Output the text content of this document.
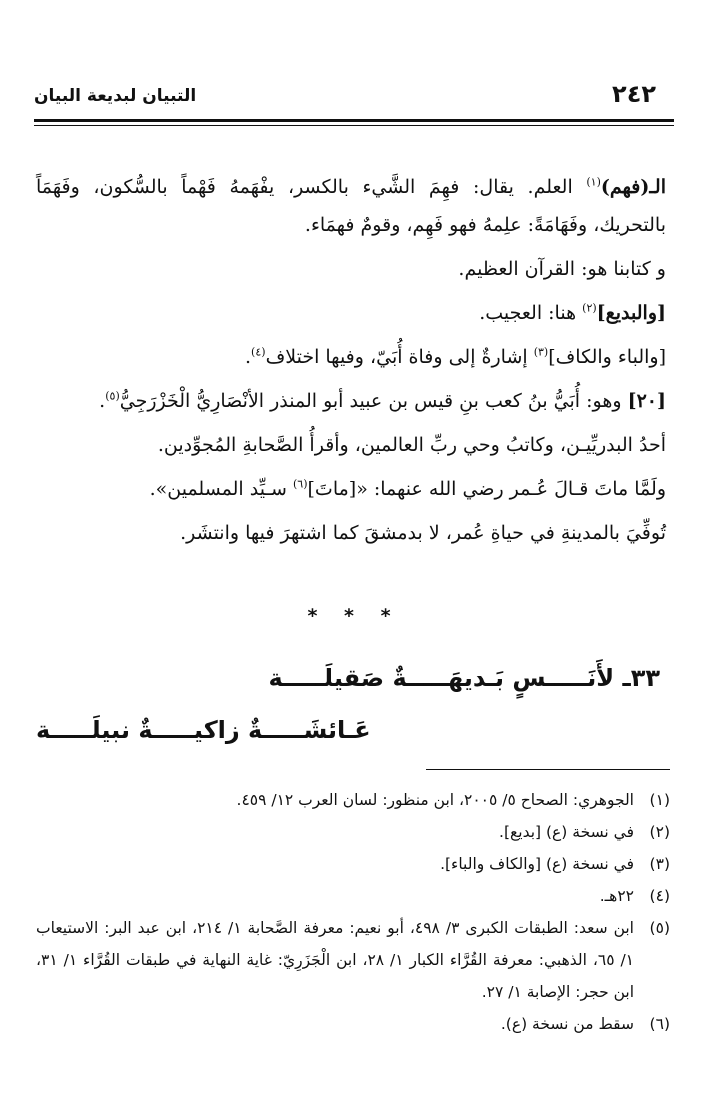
٢٤٢
التبيان لبديعة البيان

الـ(فهم)$^{(١)}$ العلم. يقال: فهِمَ الشَّيء بالكسر، يفْهَمهُ فَهْماً بالسُّكون، وفَهَمَاً بالتحريك، وفَهَامَةً: علِمهُ فهو فَهِم، وقومٌ فهمَاء.

و كتابنا هو: القرآن العظيم.

[والبديع]$^{(٢)}$ هنا: العجيب.

[والباء والكاف]$^{(٣)}$ إشارةٌ إلى وفاة أُبَيّ، وفيها اختلاف$^{(٤)}$.

[٢٠] وهو: أُبَيُّ بنُ كعب بنِ قيس بن عبيد أبو المنذر الأنْصَارِيُّ الْخَزْرَجِيُّ$^{(٥)}$.

أحدُ البدريِّيـن، وكاتبُ وحي ربِّ العالمين، وأقرأُ الصَّحابةِ المُجوِّدين.

ولَمَّا ماتَ قـالَ عُـمر رضي الله عنهما: «[ماتَ]$^{(٦)}$ سـيِّد المسلمين».

تُوفِّيَ بالمدينةِ في حياةِ عُمر، لا بدمشقَ كما اشتهرَ فيها وانتشَر.

* * *
٣٣ـ لأَنَـــــسٍ بَـديهَـــــةٌ صَقيلَـــــة
عَـائشَـــــةٌ زاكيـــــةٌ نبيلَـــــة

(١)
الجوهري: الصحاح ٥/ ٢٠٠٥، ابن منظور: لسان العرب ١٢/ ٤٥٩.

(٢)
في نسخة (ع) [بديع].

(٣)
في نسخة (ع) [والكاف والباء].

(٤)
٢٢هـ.

(٥)
ابن سعد: الطبقات الكبرى ٣/ ٤٩٨، أبو نعيم: معرفة الصَّحابة ١/ ٢١٤، ابن عبد البر: الاستيعاب ١/ ٦٥، الذهبي: معرفة القُرَّاء الكبار ١/ ٢٨، ابن الْجَزَرِيّ: غاية النهاية في طبقات القُرَّاء ١/ ٣١، ابن حجر: الإصابة ١/ ٢٧.

(٦)
سقط من نسخة (ع).
